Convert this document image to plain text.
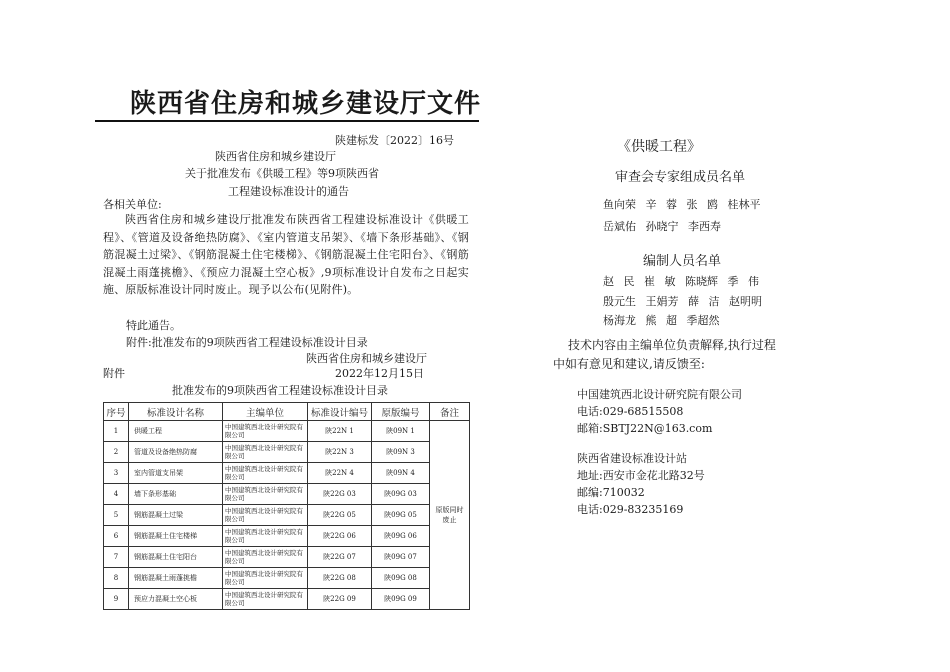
陕西省住房和城乡建设厅文件
陕建标发〔2022〕16号
陕西省住房和城乡建设厅
关于批准发布《供暖工程》等9项陕西省
工程建设标准设计的通告
各相关单位:
陕西省住房和城乡建设厅批准发布陕西省工程建设标准设计《供暖工程》、《管道及设备绝热防腐》、《室内管道支吊架》、《墙下条形基础》、《钢筋混凝土过梁》、《钢筋混凝土住宅楼梯》、《钢筋混凝土住宅阳台》、《钢筋混凝土雨蓬挑檐》、《预应力混凝土空心板》,9项标准设计自发布之日起实施、原版标准设计同时废止。现予以公布(见附件)。
特此通告。
附件:批准发布的9项陕西省工程建设标准设计目录
陕西省住房和城乡建设厅
附件	2022年12月15日
批准发布的9项陕西省工程建设标准设计目录
序号	标准设计名称	主编单位	标准设计编号	原版编号	备注
1	供暖工程	中国建筑西北设计研究院有限公司	陕22N 1	陕09N 1	原版同时废止
2	管道及设备绝热防腐	中国建筑西北设计研究院有限公司	陕22N 3	陕09N 3	
3	室内管道支吊架	中国建筑西北设计研究院有限公司	陕22N 4	陕09N 4	
4	墙下条形基础	中国建筑西北设计研究院有限公司	陕22G 03	陕09G 03	
5	钢筋混凝土过梁	中国建筑西北设计研究院有限公司	陕22G 05	陕09G 05	
6	钢筋混凝土住宅楼梯	中国建筑西北设计研究院有限公司	陕22G 06	陕09G 06	
7	钢筋混凝土住宅阳台	中国建筑西北设计研究院有限公司	陕22G 07	陕09G 07	
8	钢筋混凝土雨蓬挑檐	中国建筑西北设计研究院有限公司	陕22G 08	陕09G 08	
9	预应力混凝土空心板	中国建筑西北设计研究院有限公司	陕22G 09	陕09G 09	
《供暖工程》
审查会专家组成员名单
鱼向荣 辛 蓉 张 鸥 桂林平
岳斌佑 孙晓宁 李西寿
编制人员名单
赵 民 崔 敏 陈晓辉 季 伟
殷元生 王娟芳 薛 洁 赵明明
杨海龙 熊 超 季超然
技术内容由主编单位负责解释,执行过程
中如有意见和建议,请反馈至:
中国建筑西北设计研究院有限公司
电话:029-68515508
邮箱:SBTJ22N@163.com
陕西省建设标准设计站
地址:西安市金花北路32号
邮编:710032
电话:029-83235169
